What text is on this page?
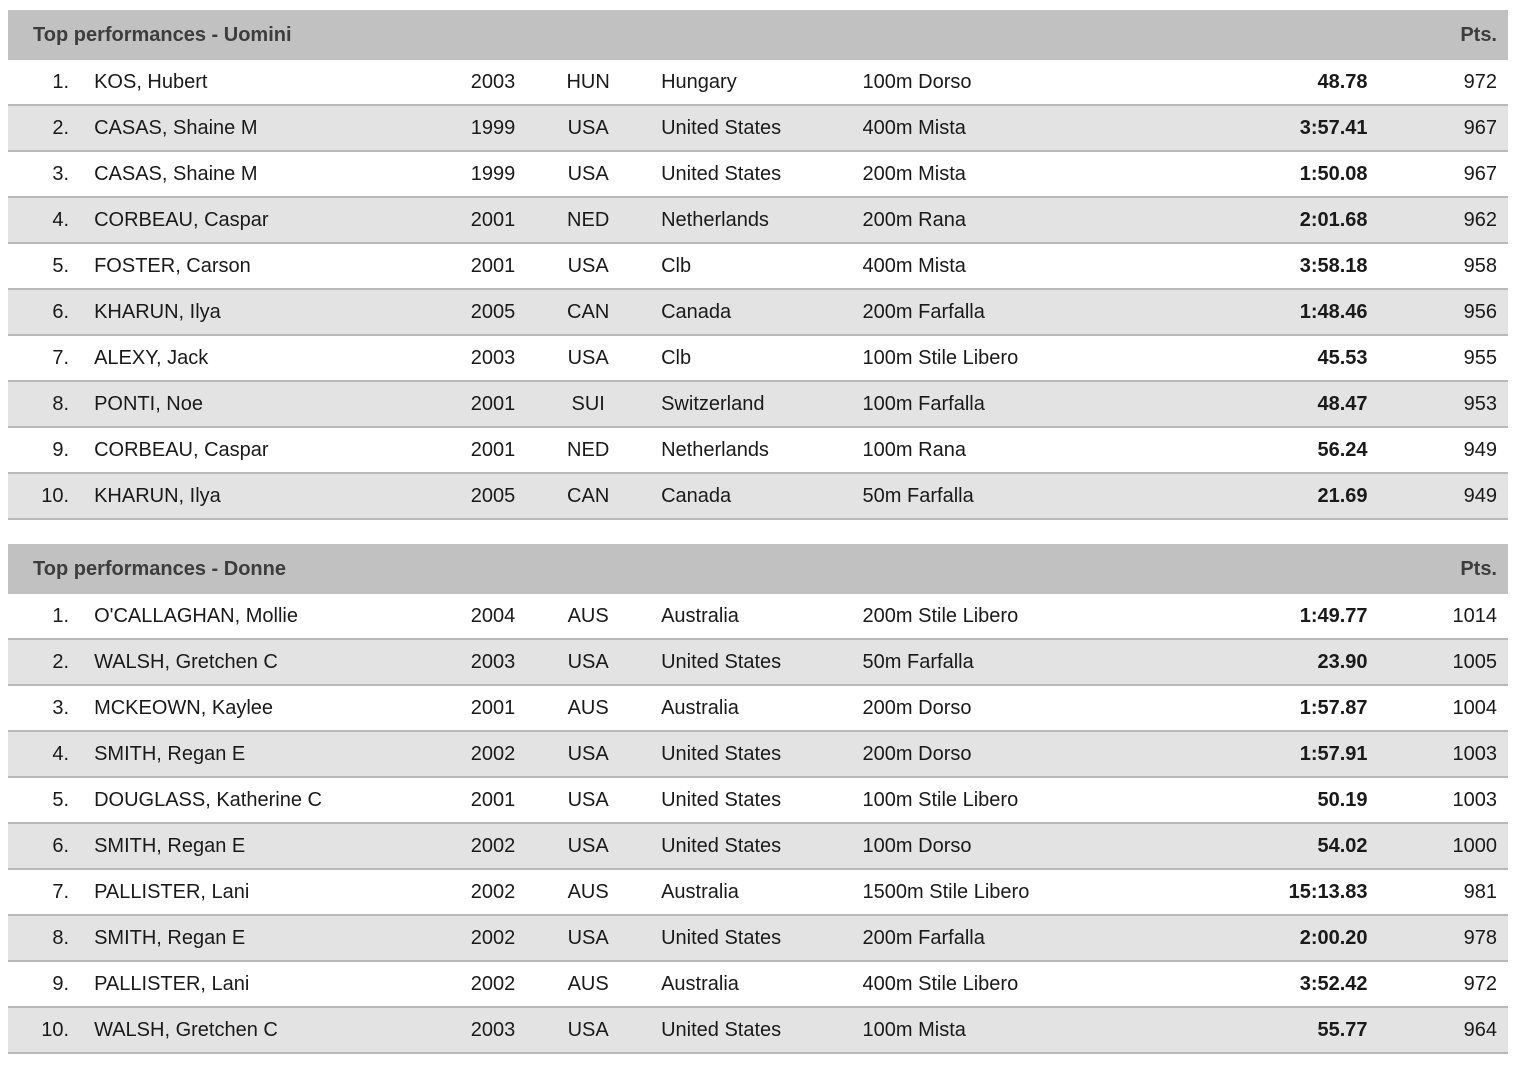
Top performances - Uomini	Pts.
1.	KOS, Hubert	2003	HUN	Hungary	100m Dorso	48.78	972
2.	CASAS, Shaine M	1999	USA	United States	400m Mista	3:57.41	967
3.	CASAS, Shaine M	1999	USA	United States	200m Mista	1:50.08	967
4.	CORBEAU, Caspar	2001	NED	Netherlands	200m Rana	2:01.68	962
5.	FOSTER, Carson	2001	USA	Clb	400m Mista	3:58.18	958
6.	KHARUN, Ilya	2005	CAN	Canada	200m Farfalla	1:48.46	956
7.	ALEXY, Jack	2003	USA	Clb	100m Stile Libero	45.53	955
8.	PONTI, Noe	2001	SUI	Switzerland	100m Farfalla	48.47	953
9.	CORBEAU, Caspar	2001	NED	Netherlands	100m Rana	56.24	949
10.	KHARUN, Ilya	2005	CAN	Canada	50m Farfalla	21.69	949
Top performances - Donne	Pts.
1.	O'CALLAGHAN, Mollie	2004	AUS	Australia	200m Stile Libero	1:49.77	1014
2.	WALSH, Gretchen C	2003	USA	United States	50m Farfalla	23.90	1005
3.	MCKEOWN, Kaylee	2001	AUS	Australia	200m Dorso	1:57.87	1004
4.	SMITH, Regan E	2002	USA	United States	200m Dorso	1:57.91	1003
5.	DOUGLASS, Katherine C	2001	USA	United States	100m Stile Libero	50.19	1003
6.	SMITH, Regan E	2002	USA	United States	100m Dorso	54.02	1000
7.	PALLISTER, Lani	2002	AUS	Australia	1500m Stile Libero	15:13.83	981
8.	SMITH, Regan E	2002	USA	United States	200m Farfalla	2:00.20	978
9.	PALLISTER, Lani	2002	AUS	Australia	400m Stile Libero	3:52.42	972
10.	WALSH, Gretchen C	2003	USA	United States	100m Mista	55.77	964
